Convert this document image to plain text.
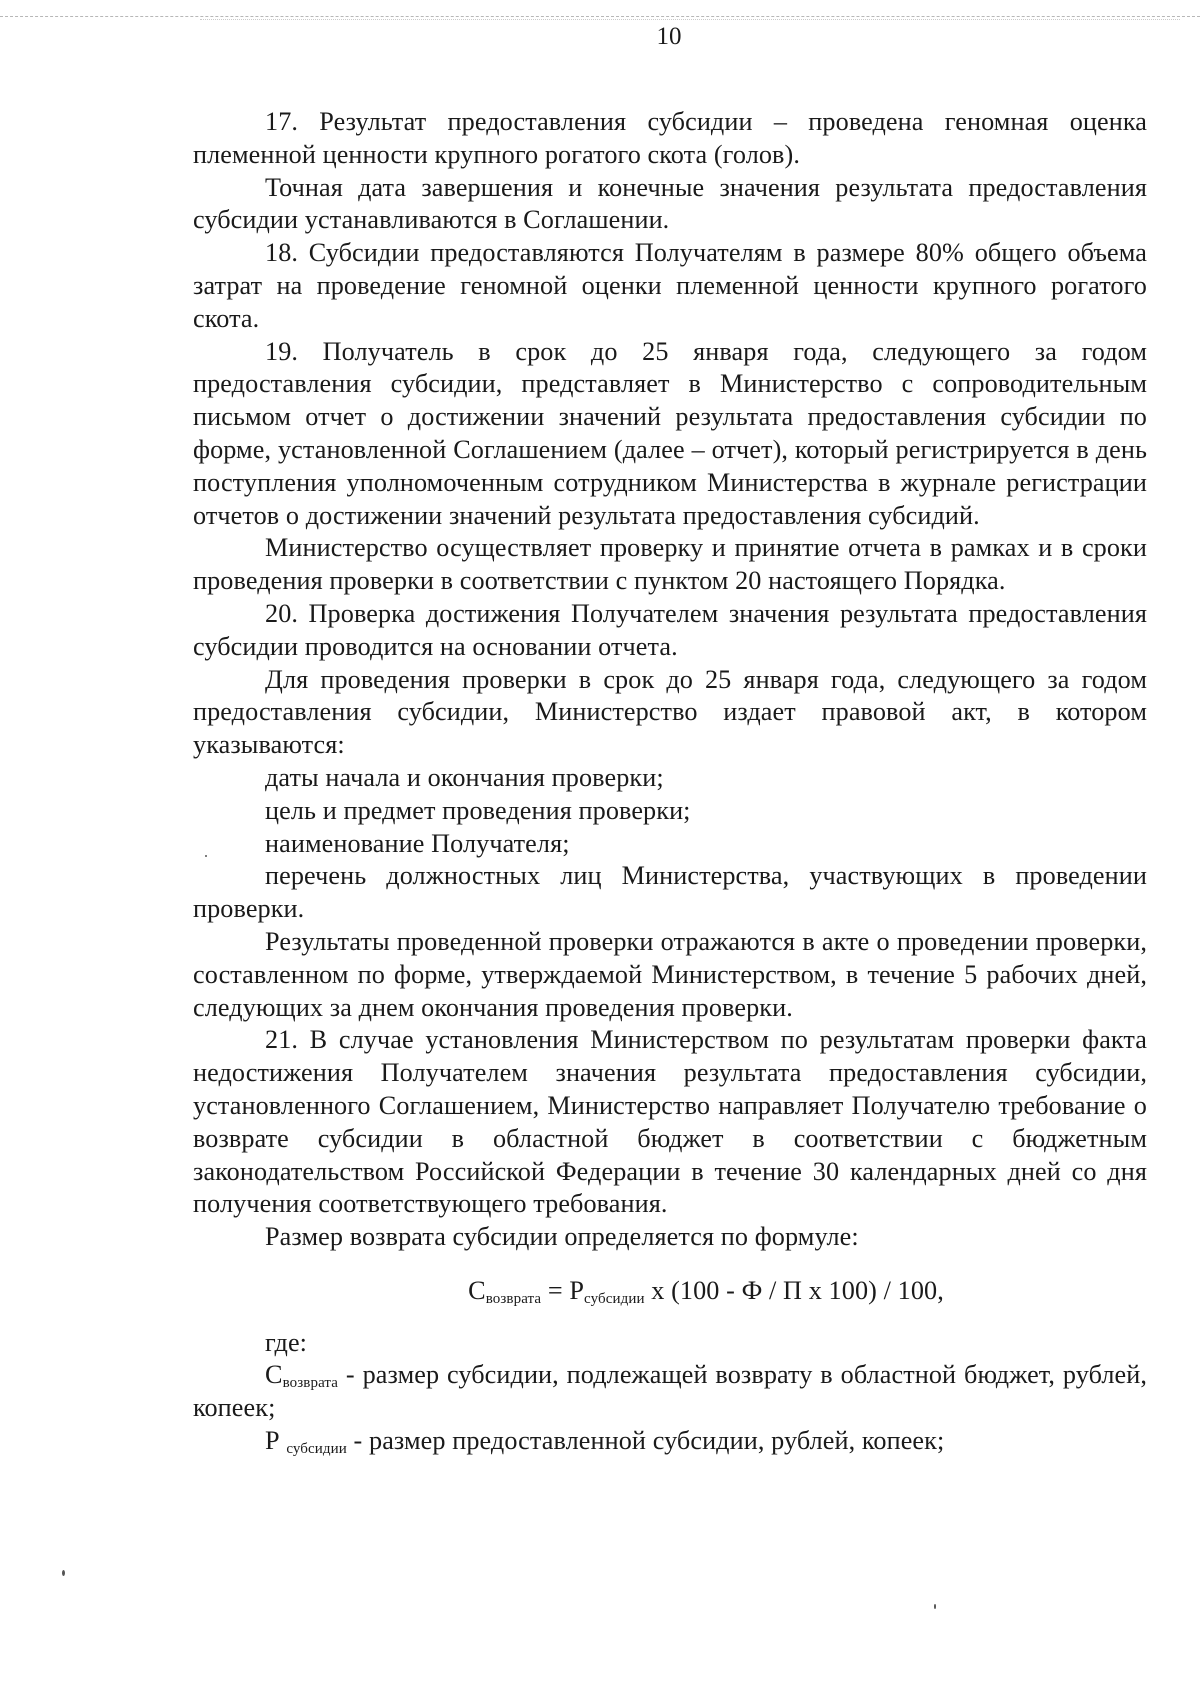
10

17. Результат предоставления субсидии – проведена геномная оценка племенной ценности крупного рогатого скота (голов).

Точная дата завершения и конечные значения результата предоставления субсидии устанавливаются в Соглашении.

18. Субсидии предоставляются Получателям в размере 80% общего объема затрат на проведение геномной оценки племенной ценности крупного рогатого скота.

19. Получатель в срок до 25 января года, следующего за годом предоставления субсидии, представляет в Министерство с сопроводительным письмом отчет о достижении значений результата предоставления субсидии по форме, установленной Соглашением (далее – отчет), который регистрируется в день поступления уполномоченным сотрудником Министерства в журнале регистрации отчетов о достижении значений результата предоставления субсидий.

Министерство осуществляет проверку и принятие отчета в рамках и в сроки проведения проверки в соответствии с пунктом 20 настоящего Порядка.

20. Проверка достижения Получателем значения результата предоставления субсидии проводится на основании отчета.

Для проведения проверки в срок до 25 января года, следующего за годом предоставления субсидии, Министерство издает правовой акт, в котором указываются:

даты начала и окончания проверки;

цель и предмет проведения проверки;

наименование Получателя;

перечень должностных лиц Министерства, участвующих в проведении проверки.

Результаты проведенной проверки отражаются в акте о проведении проверки, составленном по форме, утверждаемой Министерством, в течение 5 рабочих дней, следующих за днем окончания проведения проверки.

21. В случае установления Министерством по результатам проверки факта недостижения Получателем значения результата предоставления субсидии, установленного Соглашением, Министерство направляет Получателю требование о возврате субсидии в областной бюджет в соответствии с бюджетным законодательством Российской Федерации в течение 30 календарных дней со дня получения соответствующего требования.

Размер возврата субсидии определяется по формуле:

$С_{возврата} = Р_{субсидии}$ х (100 - Ф / П х 100) / 100,

где:

$С_{возврата}$ - размер субсидии, подлежащей возврату в областной бюджет, рублей, копеек;

Р $_{субсидии}$ - размер предоставленной субсидии, рублей, копеек;
